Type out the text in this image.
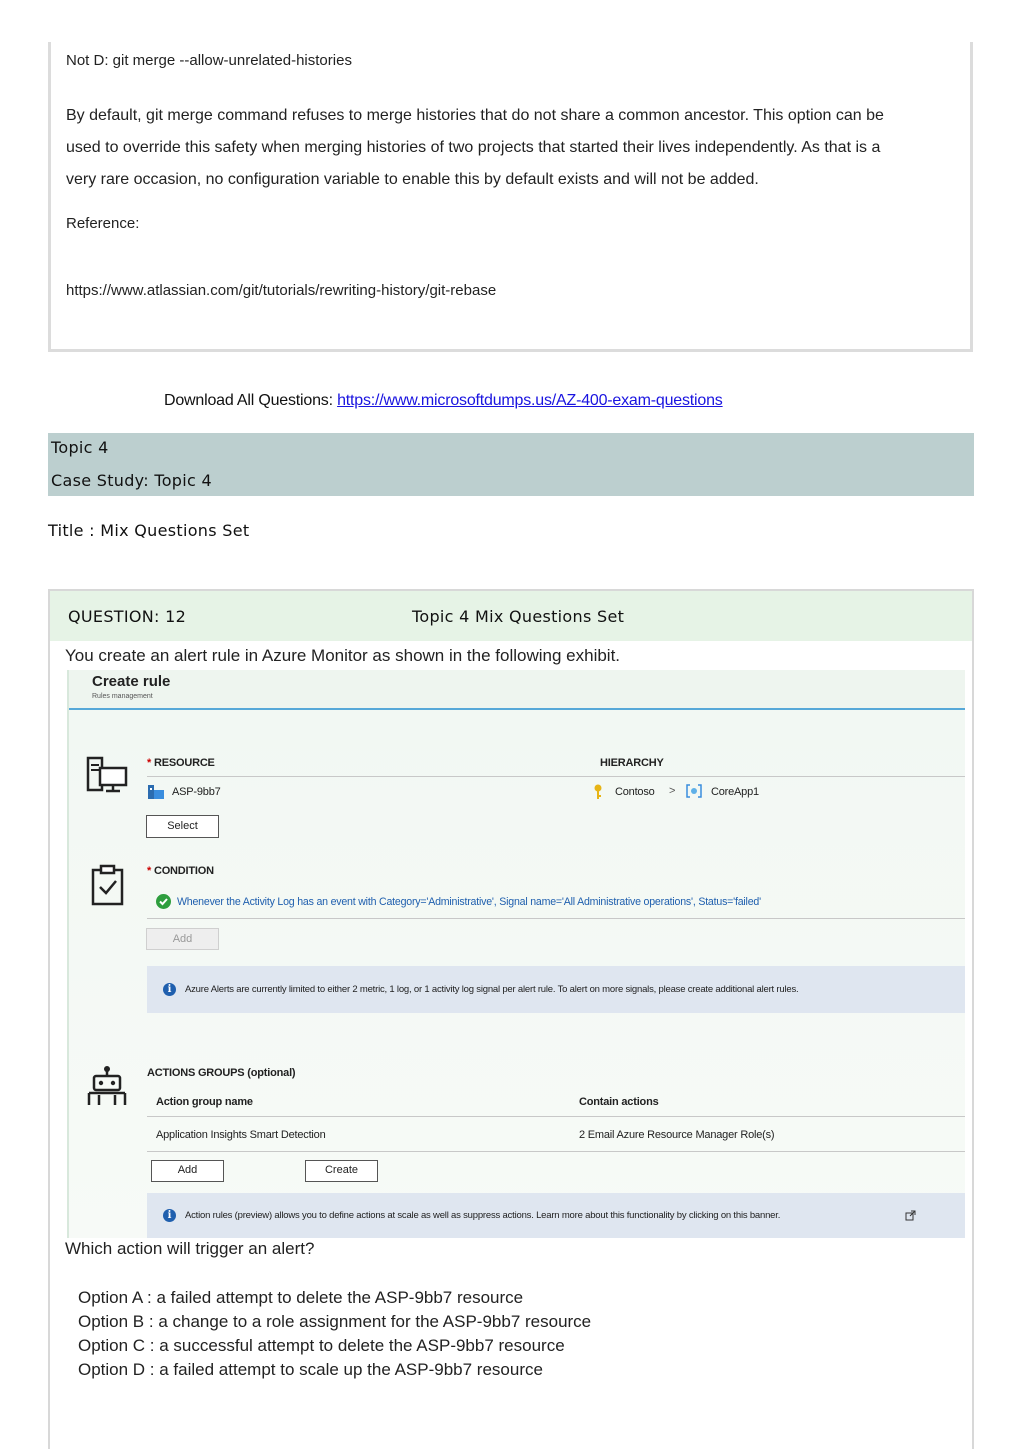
Not D: git merge --allow-unrelated-histories
By default, git merge command refuses to merge histories that do not share a common ancestor. This option can be
used to override this safety when merging histories of two projects that started their lives independently. As that is a
very rare occasion, no configuration variable to enable this by default exists and will not be added.
Reference:
https://www.atlassian.com/git/tutorials/rewriting-history/git-rebase
Download All Questions: https://www.microsoftdumps.us/AZ-400-exam-questions
Topic 4
Case Study: Topic 4
Title : Mix Questions Set
QUESTION: 12	Topic 4 Mix Questions Set
You create an alert rule in Azure Monitor as shown in the following exhibit.
Create rule
Rules management
* RESOURCE	HIERARCHY
ASP-9bb7	Contoso >	CoreApp1
Select
* CONDITION
Whenever the Activity Log has an event with Category='Administrative', Signal name='All Administrative operations', Status='failed'
Add
i	Azure Alerts are currently limited to either 2 metric, 1 log, or 1 activity log signal per alert rule. To alert on more signals, please create additional alert rules.
ACTIONS GROUPS (optional)
Action group name	Contain actions
Application Insights Smart Detection	2 Email Azure Resource Manager Role(s)
Add	Create
i	Action rules (preview) allows you to define actions at scale as well as suppress actions. Learn more about this functionality by clicking on this banner.
Which action will trigger an alert?
Option A : a failed attempt to delete the ASP-9bb7 resource
Option B : a change to a role assignment for the ASP-9bb7 resource
Option C : a successful attempt to delete the ASP-9bb7 resource
Option D : a failed attempt to scale up the ASP-9bb7 resource
